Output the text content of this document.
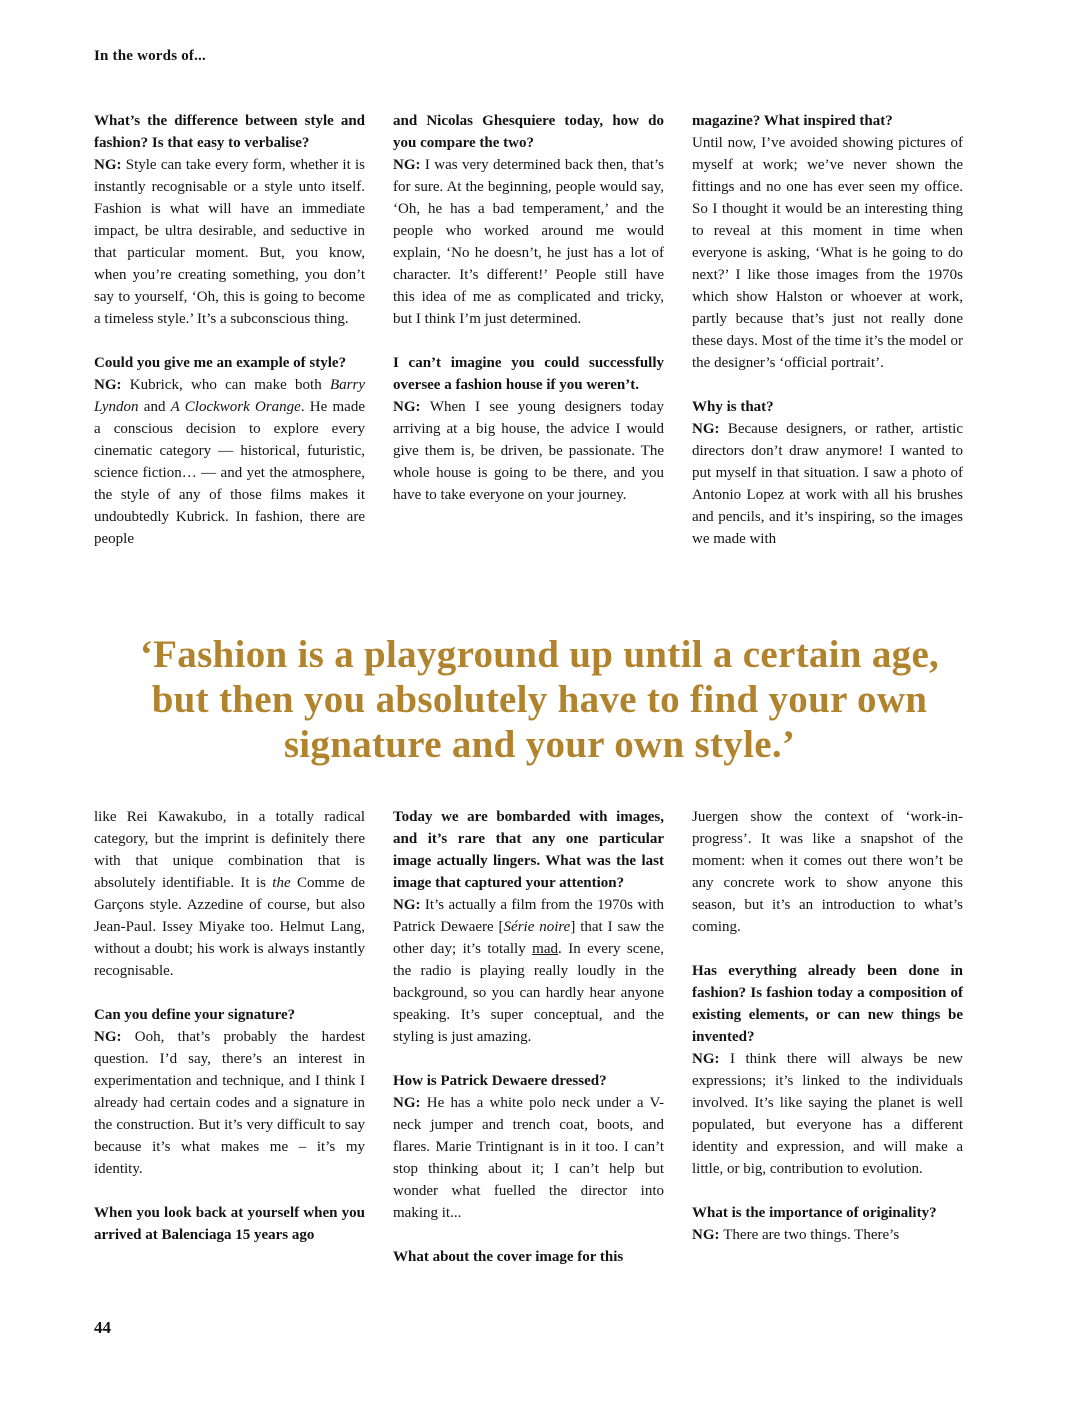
In the words of...

What’s the difference between style and fashion? Is that easy to verbalise?

NG: Style can take every form, whether it is instantly recognisable or a style unto itself. Fashion is what will have an immediate impact, be ultra desirable, and seductive in that particular moment. But, you know, when you’re creating something, you don’t say to yourself, ‘Oh, this is going to become a timeless style.’ It’s a subconscious thing.

Could you give me an example of style?

NG: Kubrick, who can make both Barry Lyndon and A Clockwork Orange. He made a conscious decision to explore every cinematic category — historical, futuristic, science fiction… — and yet the atmosphere, the style of any of those films makes it undoubtedly Kubrick. In fashion, there are people

and Nicolas Ghesquiere today, how do you compare the two?

NG: I was very determined back then, that’s for sure. At the beginning, people would say, ‘Oh, he has a bad temperament,’ and the people who worked around me would explain, ‘No he doesn’t, he just has a lot of character. It’s different!’ People still have this idea of me as complicated and tricky, but I think I’m just determined.

I can’t imagine you could successfully oversee a fashion house if you weren’t.

NG: When I see young designers today arriving at a big house, the advice I would give them is, be driven, be passionate. The whole house is going to be there, and you have to take everyone on your journey.

magazine? What inspired that?

Until now, I’ve avoided showing pictures of myself at work; we’ve never shown the fittings and no one has ever seen my office. So I thought it would be an interesting thing to reveal at this moment in time when everyone is asking, ‘What is he going to do next?’ I like those images from the 1970s which show Halston or whoever at work, partly because that’s just not really done these days. Most of the time it’s the model or the designer’s ‘official portrait’.

Why is that?

NG: Because designers, or rather, artistic directors don’t draw anymore! I wanted to put myself in that situation. I saw a photo of Antonio Lopez at work with all his brushes and pencils, and it’s inspiring, so the images we made with

‘Fashion is a playground up until a certain age,
but then you absolutely have to find your own
signature and your own style.’

like Rei Kawakubo, in a totally radical category, but the imprint is definitely there with that unique combination that is absolutely identifiable. It is the Comme de Garçons style. Azzedine of course, but also Jean-Paul. Issey Miyake too. Helmut Lang, without a doubt; his work is always instantly recognisable.

Can you define your signature?

NG: Ooh, that’s probably the hardest question. I’d say, there’s an interest in experimentation and technique, and I think I already had certain codes and a signature in the construction. But it’s very difficult to say because it’s what makes me – it’s my identity.

When you look back at yourself when you arrived at Balenciaga 15 years ago

Today we are bombarded with images, and it’s rare that any one particular image actually lingers. What was the last image that captured your attention?

NG: It’s actually a film from the 1970s with Patrick Dewaere [Série noire] that I saw the other day; it’s totally mad. In every scene, the radio is playing really loudly in the background, so you can hardly hear anyone speaking. It’s super conceptual, and the styling is just amazing.

How is Patrick Dewaere dressed?

NG: He has a white polo neck under a V-neck jumper and trench coat, boots, and flares. Marie Trintignant is in it too. I can’t stop thinking about it; I can’t help but wonder what fuelled the director into making it...

What about the cover image for this

Juergen show the context of ‘work-in-progress’. It was like a snapshot of the moment: when it comes out there won’t be any concrete work to show anyone this season, but it’s an introduction to what’s coming.

Has everything already been done in fashion? Is fashion today a composition of existing elements, or can new things be invented?

NG: I think there will always be new expressions; it’s linked to the individuals involved. It’s like saying the planet is well populated, but everyone has a different identity and expression, and will make a little, or big, contribution to evolution.

What is the importance of originality?

NG: There are two things. There’s

44
